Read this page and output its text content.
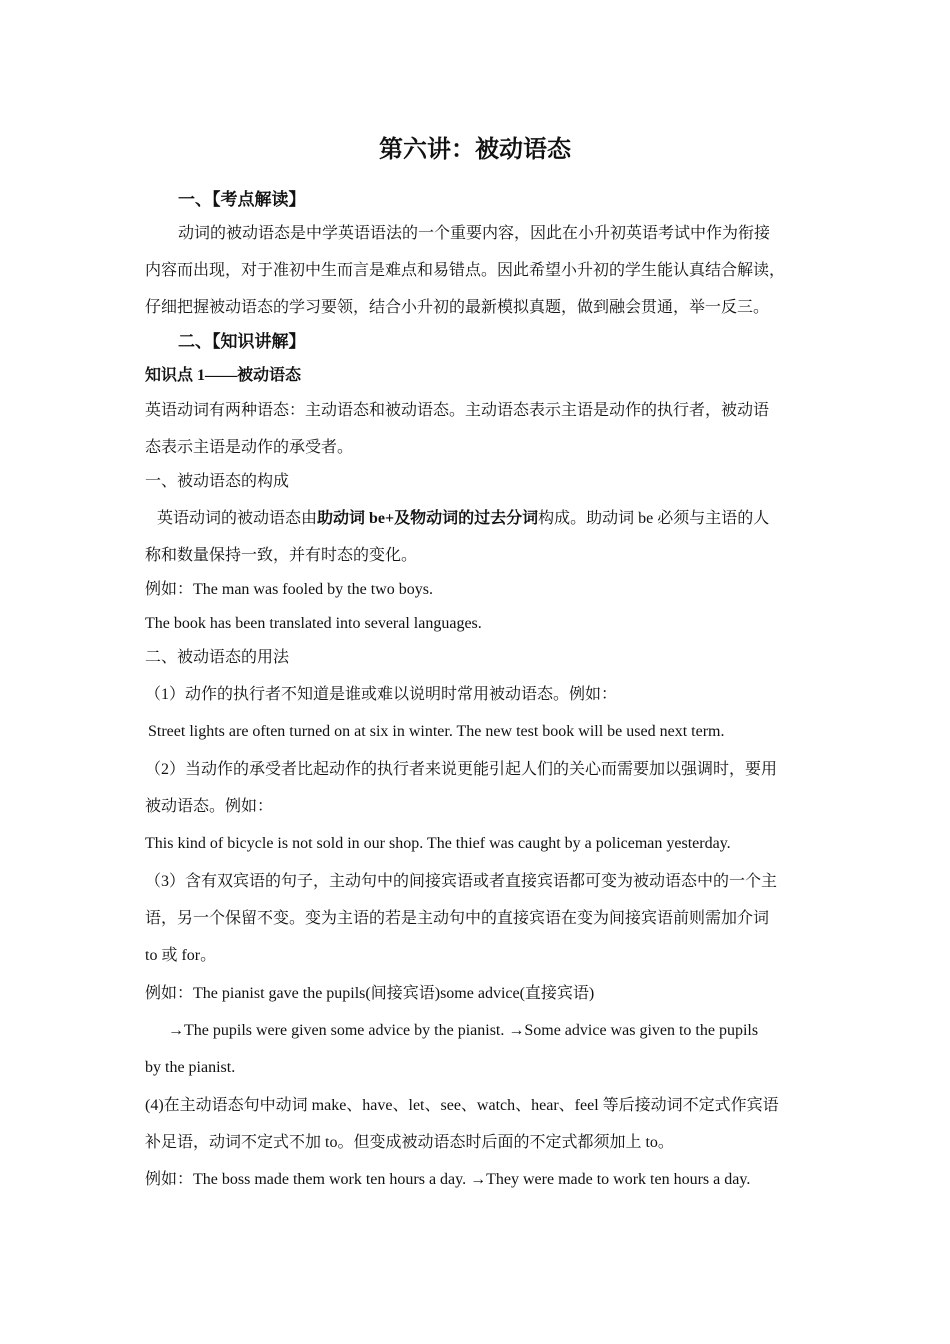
第六讲：被动语态
一、【考点解读】
动词的被动语态是中学英语语法的一个重要内容，因此在小升初英语考试中作为衔接
内容而出现，对于准初中生而言是难点和易错点。因此希望小升初的学生能认真结合解读，
仔细把握被动语态的学习要领，结合小升初的最新模拟真题，做到融会贯通，举一反三。
二、【知识讲解】
知识点 1——被动语态
英语动词有两种语态：主动语态和被动语态。主动语态表示主语是动作的执行者，被动语
态表示主语是动作的承受者。
一、被动语态的构成
英语动词的被动语态由助动词 be+及物动词的过去分词构成。助动词 be 必须与主语的人
称和数量保持一致，并有时态的变化。
例如：The man was fooled by the two boys.
The book has been translated into several languages.
二、被动语态的用法
（1）动作的执行者不知道是谁或难以说明时常用被动语态。例如：
Street lights are often turned on at six in winter. The new test book will be used next term.
（2）当动作的承受者比起动作的执行者来说更能引起人们的关心而需要加以强调时，要用
被动语态。例如：
This kind of bicycle is not sold in our shop. The thief was caught by a policeman yesterday.
（3）含有双宾语的句子，主动句中的间接宾语或者直接宾语都可变为被动语态中的一个主
语，另一个保留不变。变为主语的若是主动句中的直接宾语在变为间接宾语前则需加介词
to 或 for。
例如：The pianist gave the pupils(间接宾语)some advice(直接宾语)
→The pupils were given some advice by the pianist. →Some advice was given to the pupils
by the pianist.
(4)在主动语态句中动词 make、have、let、see、watch、hear、feel 等后接动词不定式作宾语
补足语，动词不定式不加 to。但变成被动语态时后面的不定式都须加上 to。
例如：The boss made them work ten hours a day. →They were made to work ten hours a day.
